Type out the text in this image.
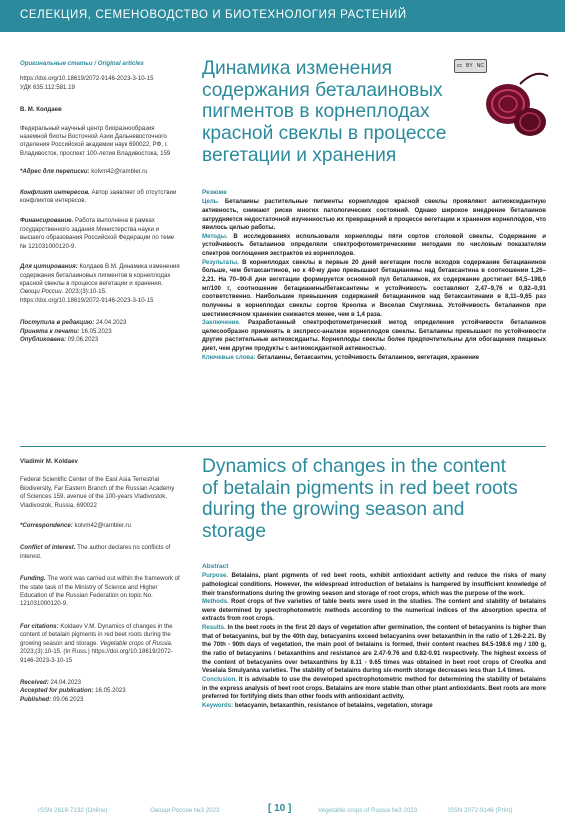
СЕЛЕКЦИЯ, СЕМЕНОВОДСТВО И БИОТЕХНОЛОГИЯ РАСТЕНИЙ

Оригинальные статьи / Original articles

https://doi.org/10.18619/2072-9146-2023-3-10-15

УДК 635.112:581.19

В. М. Колдаев

Федеральный научный центр биоразнообразия наземной биоты Восточной Азии Дальневосточного отделения Российской академии наук 690022, РФ, г. Владивосток, проспект 100-летия Владивостока, 159

*Адрес для переписки: kolvm42@rambler.ru

Конфликт интересов. Автор заявляет об отсутствии конфликтов интересов.

Финансирование. Работа выполнена в рамках государственного задания Министерства науки и высшего образования Российской Федерации по теме № 121031000120-9.

Для цитирования: Колдаев В.М. Динамика изменения содержания беталаиновых пигментов в корнеплодах красной свеклы в процессе вегетации и хранения. Овощи России. 2023;(3):10-15. https://doi.org/10.18619/2072-9146-2023-3-10-15

Поступила в редакцию: 24.04.2023

Принята к печати: 16.05.2023

Опубликована: 09.06.2023

Динамика изменения содержания беталаиновых пигментов в корнеплодах красной свеклы в процессе вегетации и хранения
cc BY NC

Резюме

Цель. Беталаины растительные пигменты корнеплодов красной свеклы проявляют антиоксидантную активность, снижают риски многих патологических состояний. Однако широкое внедрение беталаинов затрудняется недостаточной изученностью их превращений в процессе вегетации и хранения корнеплодов, что явилось целью работы.

Методы. В исследованиях использовали корнеплоды пяти сортов столовой свеклы. Содержание и устойчивость беталаинов определяли спектрофотометрическими методами по числовым показателям спектров поглощения экстрактов из корнеплодов.

Результаты. В корнеплодах свеклы в первые 20 дней вегетации после всходов содержание бетацианинов больше, чем бетаксантинов, но к 40-му дню превышают бетацианины над бетаксантина в соотношении 1,26–2,21. На 70–90-й дни вегетации формируется основной пул беталаинов, их содержание достигает 84,5–198,6 мг/100 г, соотношение бетацианины/бетаксантины и устойчивость составляют 2,47–9,76 и 0,82–0,91 соответственно. Наибольшие превышения содержаний бетацианинов над бетаксантинами в 8,11–9,65 раз получены в корнеплодах свеклы сортов Креолка и Веселая Смуглянка. Устойчивость беталаинов при шестимесячном хранении снижается менее, чем в 1,4 раза.

Заключение. Разработанный спектрофотометрический метод определения устойчивости беталаинов целесообразно применять в экспресс-анализе корнеплодов свеклы. Беталаины превышают по устойчивости другие растительные антиоксиданты. Корнеплоды свеклы более предпочтительны для обогащения пищевых диет, чем другие продукты с антиоксидантной активностью.

Ключевые слова: беталаины, бетаксантин, устойчивость беталаинов, вегетация, хранение

Vladimir M. Koldaev

Federal Scientific Center of the East Asia Terrestrial Biodiversity, Far Eastern Branch of the Russian Academy of Sciences 159, avenue of the 100-years Vladivostok, Vladivostok, Russia, 690022

*Correspondence: kolvm42@rambler.ru

Conflict of interest. The author declares no conflicts of interest.

Funding. The work was carried out within the framework of the state task of the Ministry of Science and Higher Education of the Russian Federation on topic No. 121031000120-9.

For citations: Koldaev V.M. Dynamics of changes in the content of betalain pigments in red beet roots during the growing season and storage. Vegetable crops of Russia. 2023;(3):10-15. (In Russ.) https://doi.org/10.18619/2072-9146-2023-3-10-15

Received: 24.04.2023

Accepted for publication: 16.05.2023

Published: 09.06.2023

Dynamics of changes in the content of betalain pigments in red beet roots during the growing season and storage

Abstract

Purpose. Betalains, plant pigments of red beet roots, exhibit antioxidant activity and reduce the risks of many pathological conditions. However, the widespread introduction of betalains is hampered by insufficient knowledge of their transformations during the growing season and storage of root crops, which was the purpose of the work.

Methods. Root crops of five varieties of table beets were used in the studies. The content and stability of betalains were determined by spectrophotometric methods according to the numerical indices of the absorption spectra of extracts from root crops.

Results. In the beet roots in the first 20 days of vegetation after germination, the content of betacyanins is higher than that of betacyanins, but by the 40th day, betacyanins exceed betacyanins over betaxanthin in the ratio of 1.26-2.21. By the 70th - 90th days of vegetation, the main pool of betalains is formed, their content reaches 84.5-198.6 mg / 100 g, the ratio of betacyanins / betaxanthins and resistance are 2.47-9.76 and 0.82-0.91 respectively. The highest excess of the content of betacyanins over betaxanthins by 8.11 - 9.65 times was obtained in beet root crops of Creolka and Veselaia Smulyanka varieties. The stability of betalains during six-month storage decreases less than 1.4 times.

Conclusion. It is advisable to use the developed spectrophotometric method for determining the stability of betalains in the express analysis of beet root crops. Betalains are more stable than other plant antioxidants. Beet roots are more preferred for fortifying diets than other foods with antioxidant activity.

Keywords: betacyanin, betaxanthin, resistance of betalains, vegetation, storage

ISSN 2618-7132 (Online)	Овощи России №3 2023	[ 10 ]	Vegetable crops of Russia №3 2023	ISSN 2072-9146 (Print)
